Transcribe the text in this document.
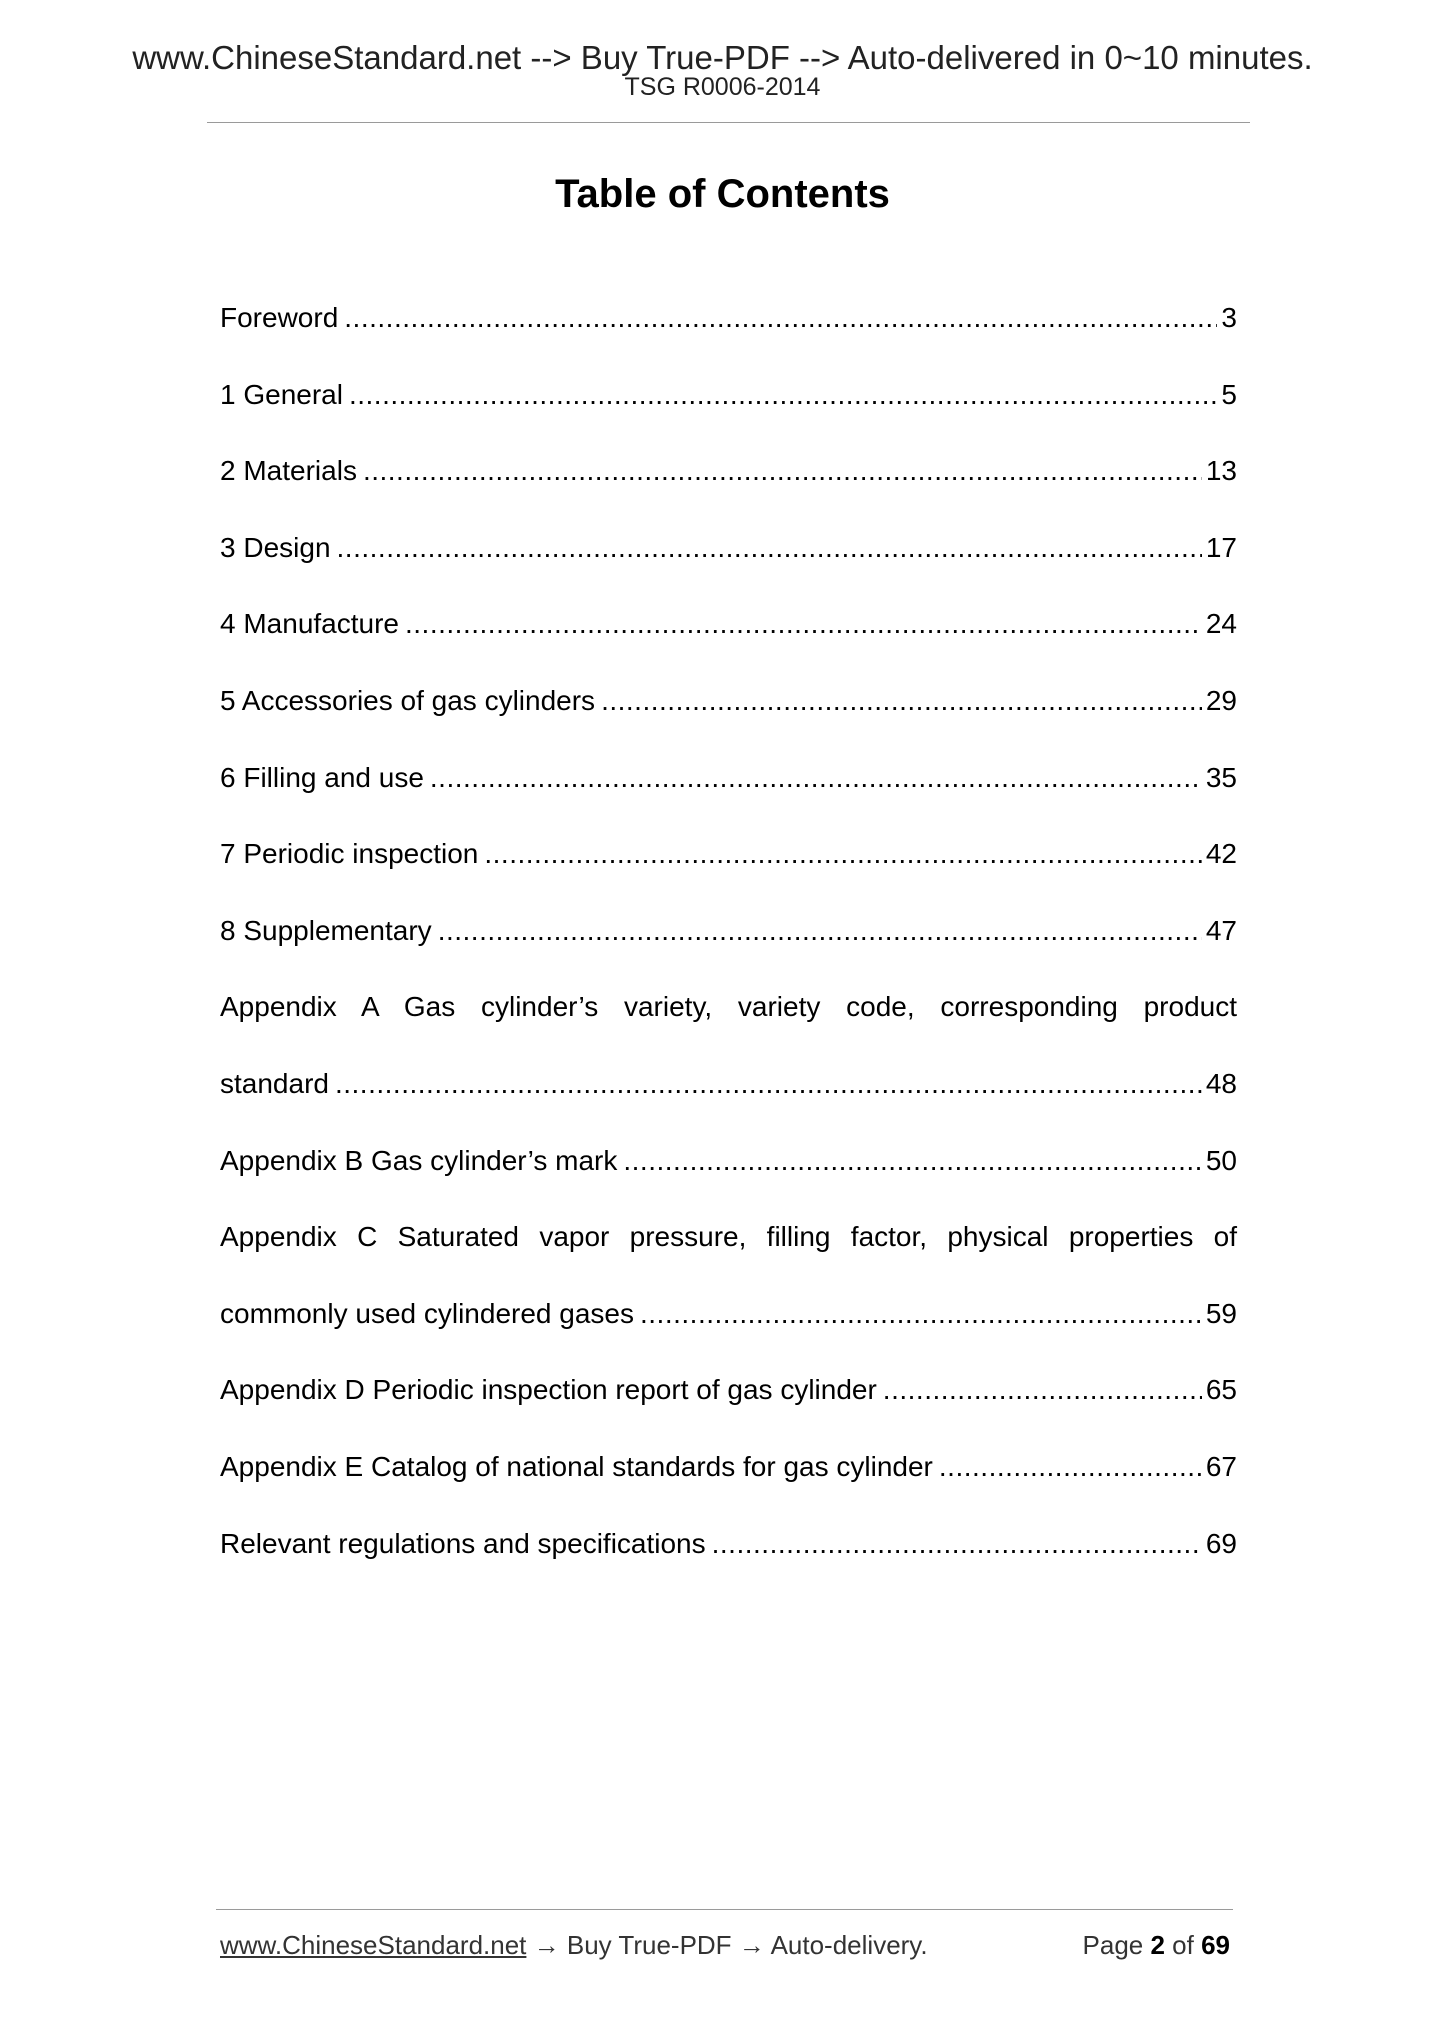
www.ChineseStandard.net --> Buy True-PDF --> Auto-delivered in 0~10 minutes.
TSG R0006-2014
Table of Contents
Foreword .....	3
1 General .....	5
2 Materials .....	13
3 Design .....	17
4 Manufacture .....	24
5 Accessories of gas cylinders .....	29
6 Filling and use .....	35
7 Periodic inspection .....	42
8 Supplementary .....	47
Appendix A Gas cylinder’s variety, variety code, corresponding product
standard .....	48
Appendix B Gas cylinder’s mark .....	50
Appendix C Saturated vapor pressure, filling factor, physical properties of
commonly used cylindered gases .....	59
Appendix D Periodic inspection report of gas cylinder .....	65
Appendix E Catalog of national standards for gas cylinder .....	67
Relevant regulations and specifications .....	69
www.ChineseStandard.net → Buy True-PDF → Auto-delivery.	Page 2 of 69
